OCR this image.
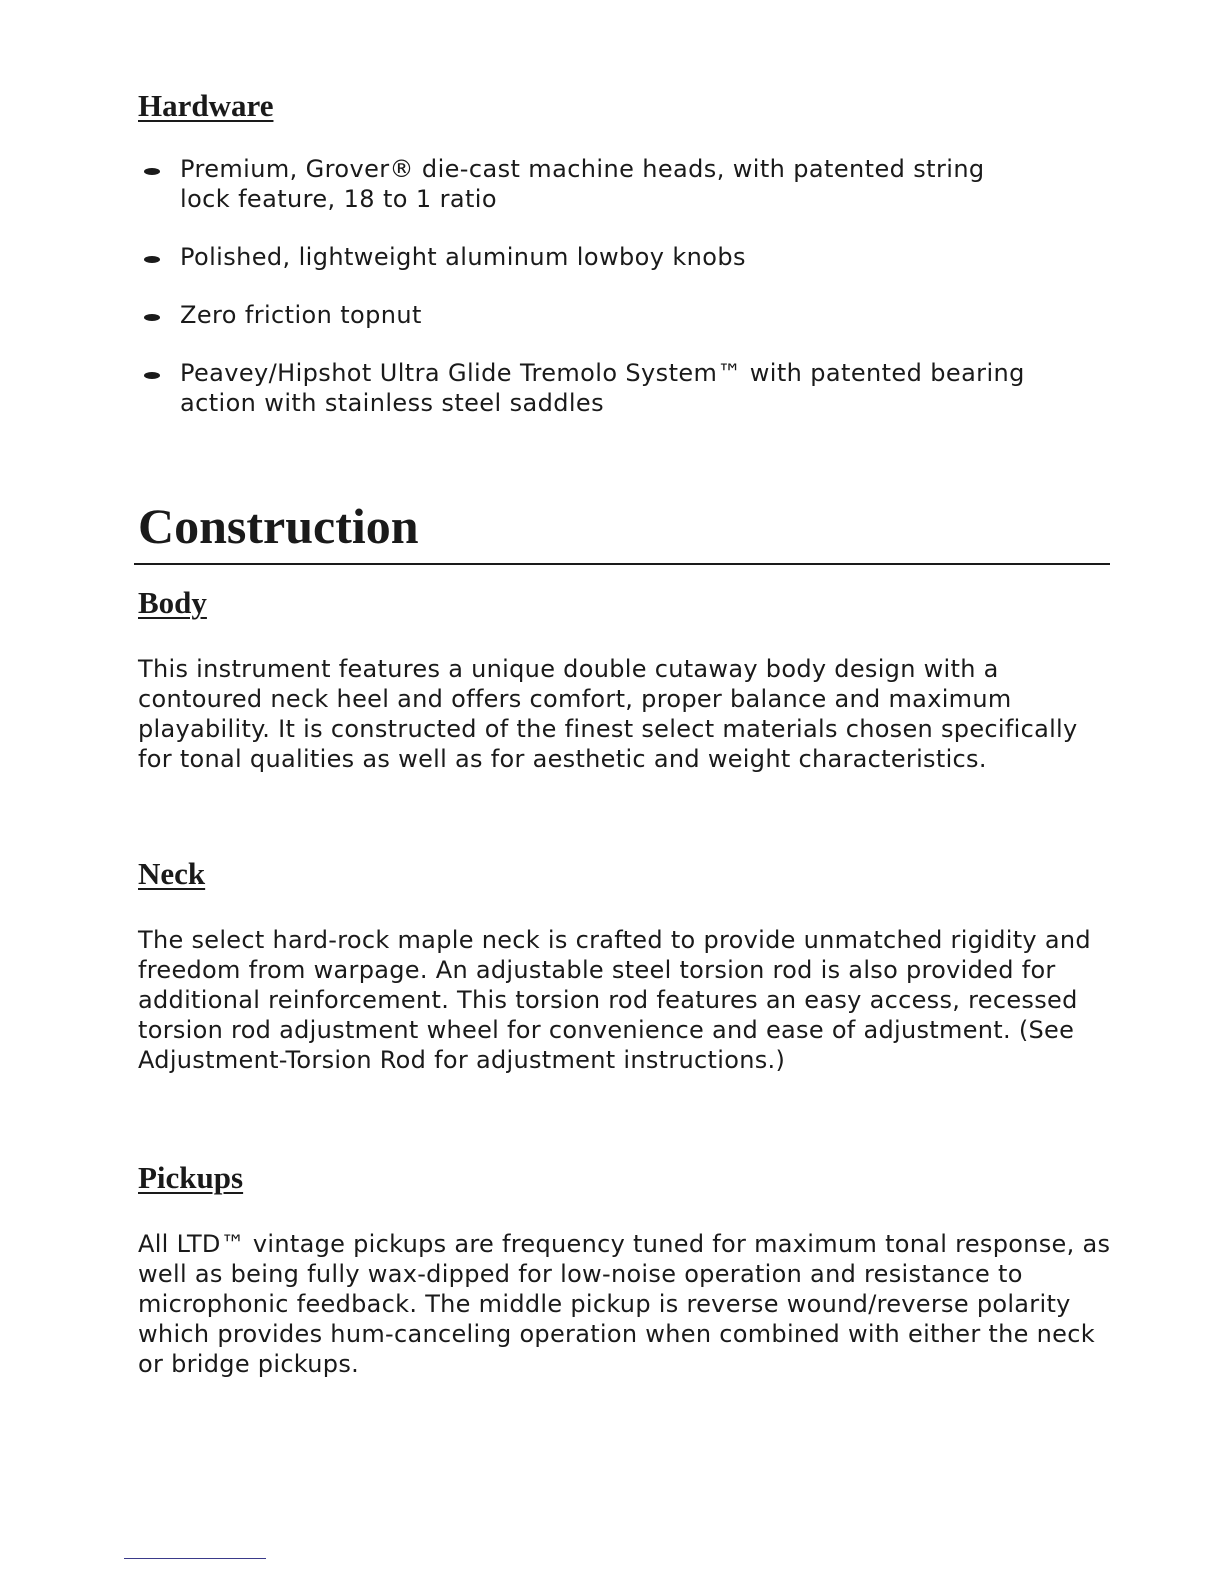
Hardware
Premium, Grover® die-cast machine heads, with patented string lock feature, 18 to 1 ratio
Polished, lightweight aluminum lowboy knobs
Zero friction topnut
Peavey/Hipshot Ultra Glide Tremolo System™ with patented bearing action with stainless steel saddles
Construction
Body

This instrument features a unique double cutaway body design with a contoured neck heel and offers comfort, proper balance and maximum playability. It is constructed of the finest select materials chosen specifically for tonal qualities as well as for aesthetic and weight characteristics.

Neck

The select hard-rock maple neck is crafted to provide unmatched rigidity and freedom from warpage. An adjustable steel torsion rod is also provided for additional reinforcement. This torsion rod features an easy access, recessed torsion rod adjustment wheel for convenience and ease of adjustment. (See Adjustment-Torsion Rod for adjustment instructions.)

Pickups

All LTD™ vintage pickups are frequency tuned for maximum tonal response, as well as being fully wax-dipped for low-noise operation and resistance to microphonic feedback. The middle pickup is reverse wound/reverse polarity which provides hum-canceling operation when combined with either the neck or bridge pickups.
